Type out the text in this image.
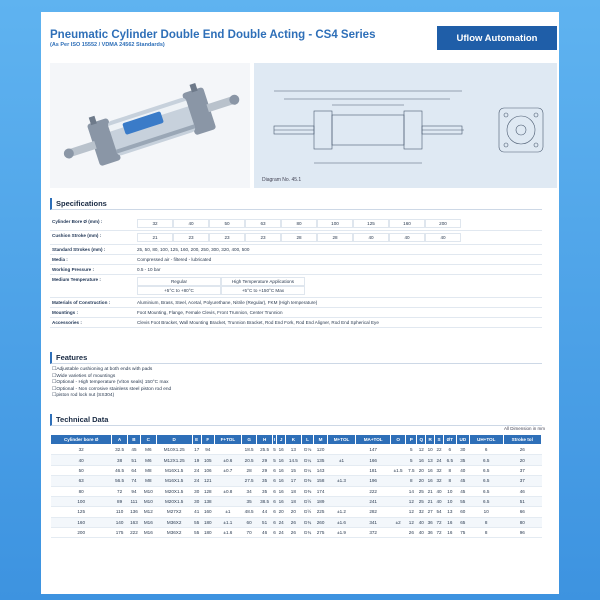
Pneumatic Cylinder Double End Double Acting - CS4 Series
(As Per ISO 15552 / VDMA 24562 Standards)
Uflow Automation
Diagram No. 45.1
Specifications
Cylinder Bore Ø (mm) :	32	40	50	63	80	100	125	160	200
Cushion Stroke (mm) :	21	23	23	23	28	28	40	40	40
Standard Strokes (mm) :	25, 50, 80, 100, 125, 160, 200, 250, 300, 320, 400, 500
Media :	Compressed air - filtered - lubricated
Working Pressure :	0.5 - 10 bar
Medium Temperature :	Regular	High Temperature Applications
+5°C to +80°C	+5°C to +150°C Max
Materials of Construction :	Aluminium, Brass, Steel, Acetal, Polyurethane, Nitrile (Regular), FKM (High temperature)
Mountings :	Foot Mounting, Flange, Female Clevis, Front Trunnion, Center Trunnion
Accessories :	Clevis Foot Bracket, Wall Mounting Bracket, Trunnion Bracket, Rod End Fork, Rod End Aligner, Rod End Spherical Eye
Features
☐ Adjustable cushioning at both ends with pads
☐ Wide varieties of mountings
☐ Optional - High temperature (Viton seals) 150°C max
☐ Optional - Non corrosive stainless steel piston rod end
☐ piston rod lock nut (SS304)
Technical Data
All Dimension in mm
Cylinder bore Ø	A	B	C	D	E	F	F+TOL	G	H	I	J	K	L	M	M+TOL	MA+TOL	O	P	Q	R	S	ØT	UD	UH+TOL	Stroke tol
32	32.5	45	M6	M10X1.25	17	94		18.5	25.5	5	16	13	G⅛	120		147		5	12	10	22	6	30	6	26
40	38	51	M6	M12X1.25	19	105	±0.6	20.5	29	5	16	14.5	G¼	135	±1	166		5	16	13	24	6.5	35	6.5	20
50	46.5	64	M8	M16X1.5	24	106	±0.7	28	29	6	16	15	G¼	143		181	±1.5	7.5	20	16	32	8	40	6.5	37
63	56.5	74	M8	M16X1.5	24	121		27.5	35	6	16	17	G⅜	158	±1.3	196		8	20	16	32	8	45	6.5	37
80	72	94	M10	M20X1.5	30	128	±0.8	34	35	6	16	18	G⅜	174		222		14	25	21	40	10	45	6.5	46
100	89	111	M10	M20X1.5	30	138		35	38.5	6	16	18	G½	189		241		12	25	21	40	10	55	6.5	51
125	110	136	M12	M27X2	41	160	±1	48.5	44	6	20	20	G½	225	±1.2	282		12	32	27	54	13	60	10	66
160	140	163	M16	M36X2	55	180	±1.1	60	51	6	24	26	G¾	260	±1.6	341	±2	12	40	36	72	16	65	8	80
200	175	222	M16	M36X2	55	180	±1.6	70	46	6	24	26	G¾	275	±1.9	372		26	40	36	72	16	75	8	96
